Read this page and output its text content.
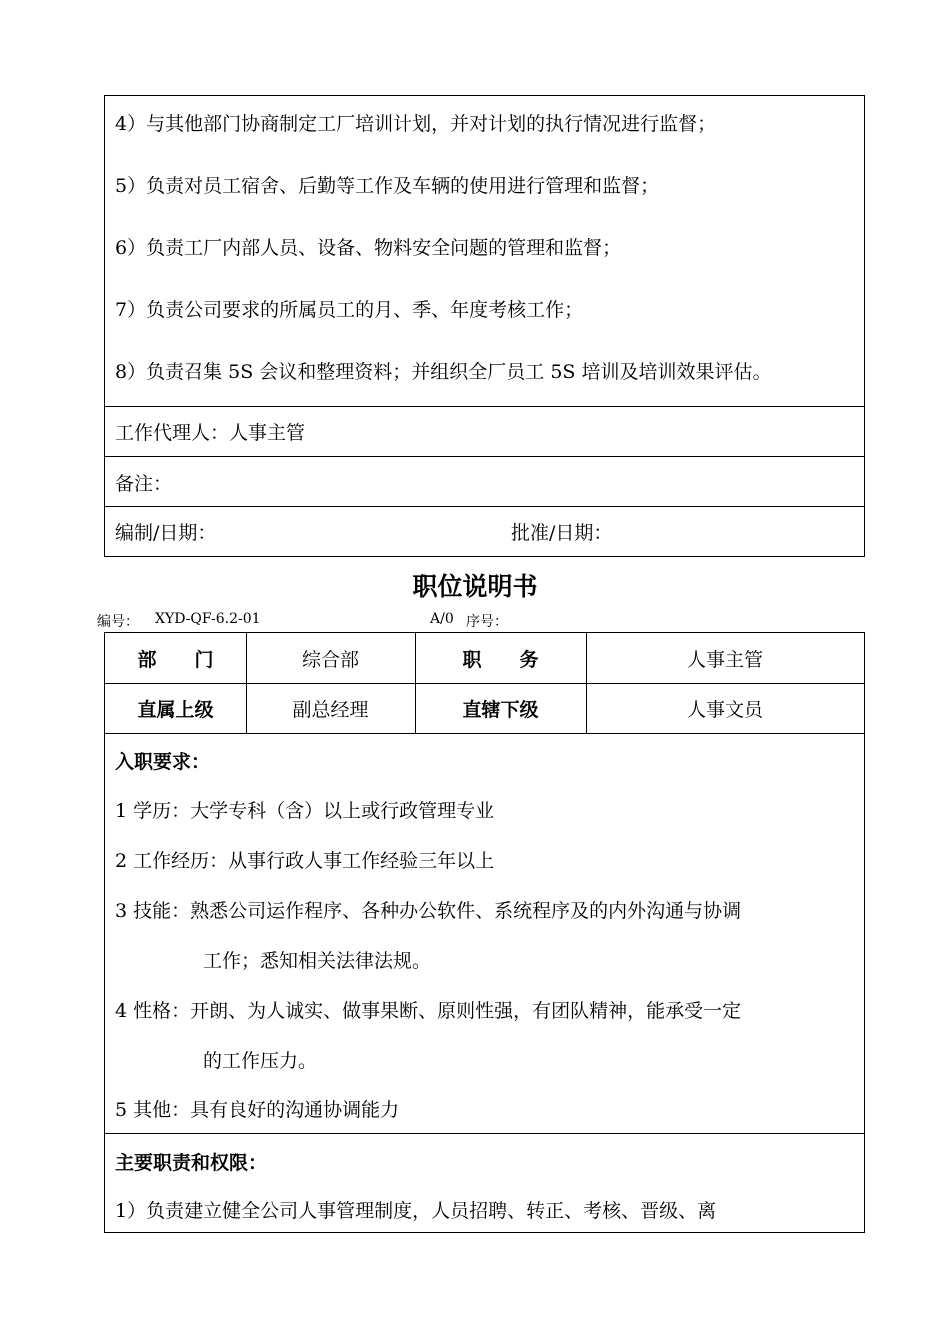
4）与其他部门协商制定工厂培训计划，并对计划的执行情况进行监督；
5）负责对员工宿舍、后勤等工作及车辆的使用进行管理和监督；
6）负责工厂内部人员、设备、物料安全问题的管理和监督；
7）负责公司要求的所属员工的月、季、年度考核工作；
8）负责召集 5S 会议和整理资料；并组织全厂员工 5S 培训及培训效果评估。
工作代理人：人事主管
备注：
编制/日期：	批准/日期：
职位说明书
编号： XYD-QF-6.2-01	A/0 序号：
部　　门	综合部	职　　务	人事主管
直属上级	副总经理	直辖下级	人事文员
入职要求：
1 学历：大学专科（含）以上或行政管理专业
2 工作经历：从事行政人事工作经验三年以上
3 技能：熟悉公司运作程序、各种办公软件、系统程序及的内外沟通与协调
工作；悉知相关法律法规。
4 性格：开朗、为人诚实、做事果断、原则性强，有团队精神，能承受一定
的工作压力。
5 其他：具有良好的沟通协调能力
主要职责和权限：
1）负责建立健全公司人事管理制度，人员招聘、转正、考核、晋级、离
